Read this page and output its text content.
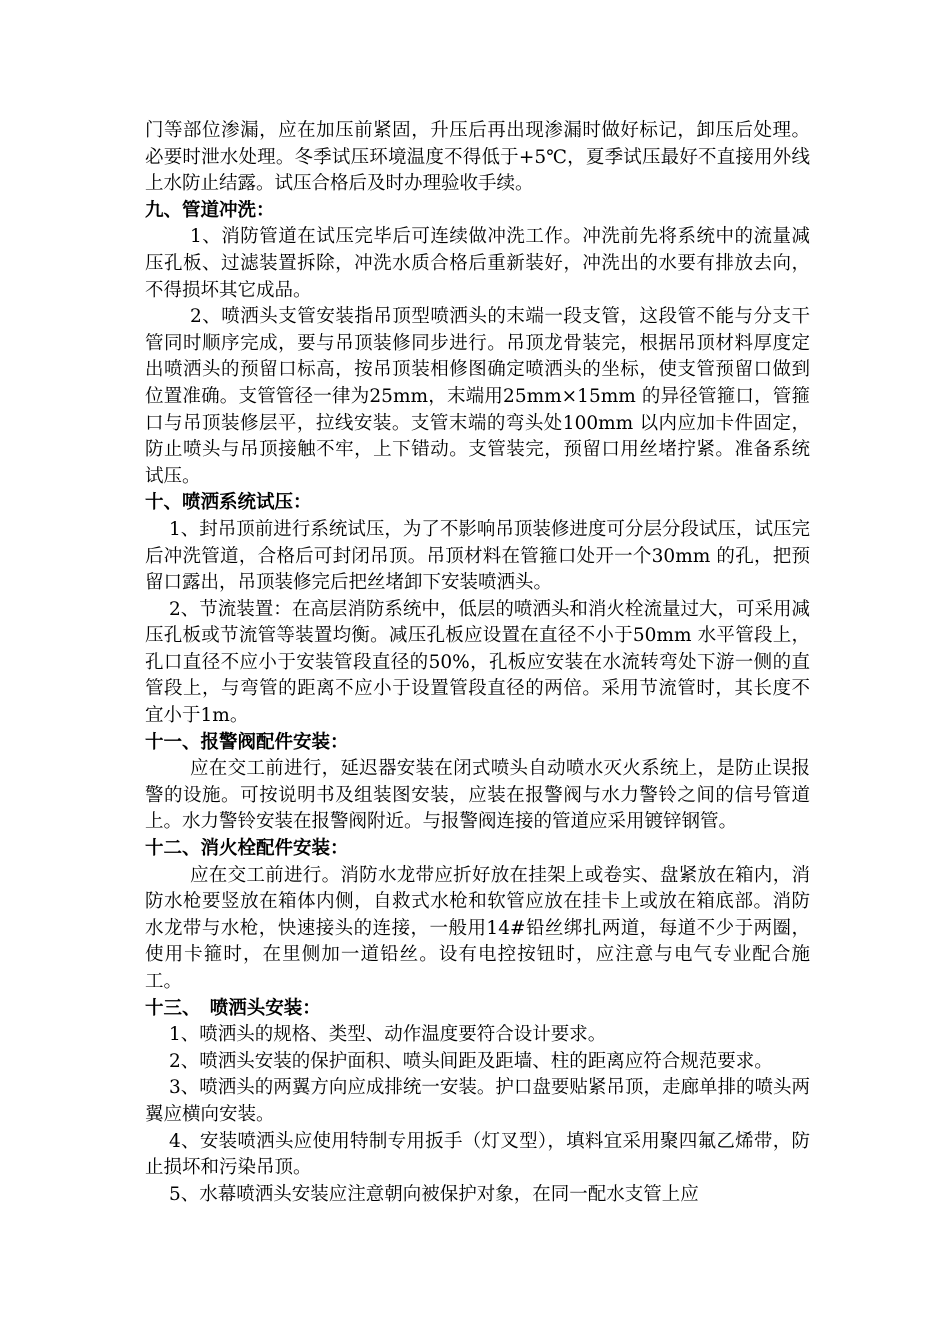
门等部位渗漏，应在加压前紧固，升压后再出现渗漏时做好标记，卸压后处理。必要时泄水处理。冬季试压环境温度不得低于+5℃，夏季试压最好不直接用外线上水防止结露。试压合格后及时办理验收手续。

九、管道冲洗：

1、消防管道在试压完毕后可连续做冲洗工作。冲洗前先将系统中的流量减压孔板、过滤装置拆除，冲洗水质合格后重新装好，冲洗出的水要有排放去向，不得损坏其它成品。

2、喷洒头支管安装指吊顶型喷洒头的末端一段支管，这段管不能与分支干管同时顺序完成，要与吊顶装修同步进行。吊顶龙骨装完，根据吊顶材料厚度定出喷洒头的预留口标高，按吊顶装相修图确定喷洒头的坐标，使支管预留口做到位置准确。支管管径一律为25mm，末端用25mm×15mm 的异径管箍口，管箍口与吊顶装修层平，拉线安装。支管末端的弯头处100mm 以内应加卡件固定，防止喷头与吊顶接触不牢，上下错动。支管装完，预留口用丝堵拧紧。准备系统试压。

十、喷洒系统试压：

1、封吊顶前进行系统试压，为了不影响吊顶装修进度可分层分段试压，试压完后冲洗管道，合格后可封闭吊顶。吊顶材料在管箍口处开一个30mm 的孔，把预留口露出，吊顶装修完后把丝堵卸下安装喷洒头。

2、节流装置：在高层消防系统中，低层的喷洒头和消火栓流量过大，可采用减压孔板或节流管等装置均衡。减压孔板应设置在直径不小于50mm 水平管段上，孔口直径不应小于安装管段直径的50%，孔板应安装在水流转弯处下游一侧的直管段上，与弯管的距离不应小于设置管段直径的两倍。采用节流管时，其长度不宜小于1m。

十一、报警阀配件安装：

应在交工前进行，延迟器安装在闭式喷头自动喷水灭火系统上，是防止误报警的设施。可按说明书及组装图安装，应装在报警阀与水力警铃之间的信号管道上。水力警铃安装在报警阀附近。与报警阀连接的管道应采用镀锌钢管。

十二、消火栓配件安装：

应在交工前进行。消防水龙带应折好放在挂架上或卷实、盘紧放在箱内，消防水枪要竖放在箱体内侧，自救式水枪和软管应放在挂卡上或放在箱底部。消防水龙带与水枪，快速接头的连接，一般用14#铅丝绑扎两道，每道不少于两圈，使用卡箍时，在里侧加一道铅丝。设有电控按钮时，应注意与电气专业配合施工。

十三、　喷洒头安装：

1、喷洒头的规格、类型、动作温度要符合设计要求。

2、喷洒头安装的保护面积、喷头间距及距墙、柱的距离应符合规范要求。

3、喷洒头的两翼方向应成排统一安装。护口盘要贴紧吊顶，走廊单排的喷头两翼应横向安装。

4、安装喷洒头应使用特制专用扳手（灯叉型），填料宜采用聚四氟乙烯带，防止损坏和污染吊顶。

5、水幕喷洒头安装应注意朝向被保护对象，在同一配水支管上应
